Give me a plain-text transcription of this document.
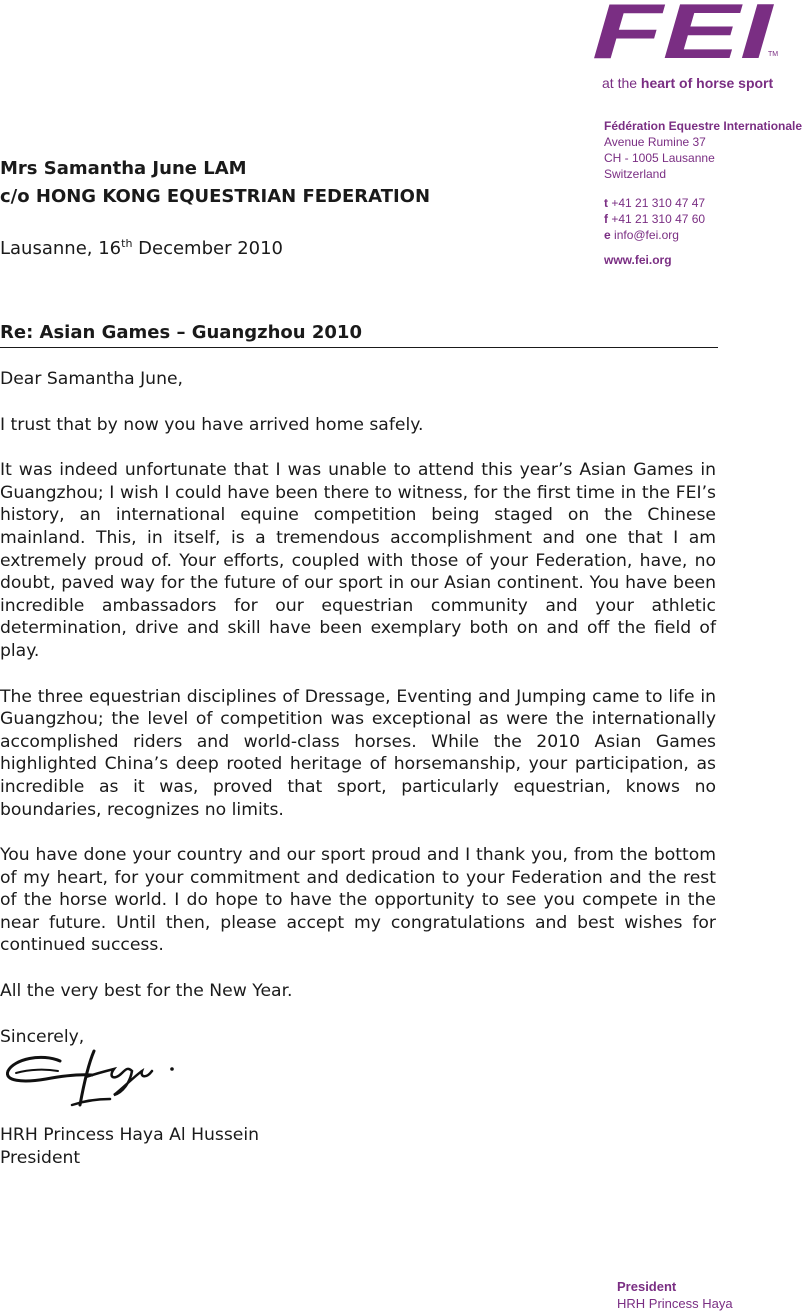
FEI
TM
at the heart of horse sport
Fédération Equestre Internationale
Avenue Rumine 37
CH - 1005 Lausanne
Switzerland
t +41 21 310 47 47
f +41 21 310 47 60
e info@fei.org
www.fei.org
Mrs Samantha June LAM
c/o HONG KONG EQUESTRIAN FEDERATION
Lausanne, 16th December 2010
Re: Asian Games – Guangzhou 2010

Dear Samantha June,

I trust that by now you have arrived home safely.

It was indeed unfortunate that I was unable to attend this year’s Asian Games in Guangzhou; I wish I could have been there to witness, for the first time in the FEI’s history, an international equine competition being staged on the Chinese mainland. This, in itself, is a tremendous accomplishment and one that I am extremely proud of. Your efforts, coupled with those of your Federation, have, no doubt, paved way for the future of our sport in our Asian continent. You have been incredible ambassadors for our equestrian community and your athletic determination, drive and skill have been exemplary both on and off the field of play.

The three equestrian disciplines of Dressage, Eventing and Jumping came to life in Guangzhou; the level of competition was exceptional as were the internationally accomplished riders and world-class horses. While the 2010 Asian Games highlighted China’s deep rooted heritage of horsemanship, your participation, as incredible as it was, proved that sport, particularly equestrian, knows no boundaries, recognizes no limits.

You have done your country and our sport proud and I thank you, from the bottom of my heart, for your commitment and dedication to your Federation and the rest of the horse world. I do hope to have the opportunity to see you compete in the near future. Until then, please accept my congratulations and best wishes for continued success.

All the very best for the New Year.

Sincerely,

HRH Princess Haya Al Hussein
President
President
HRH Princess Haya
